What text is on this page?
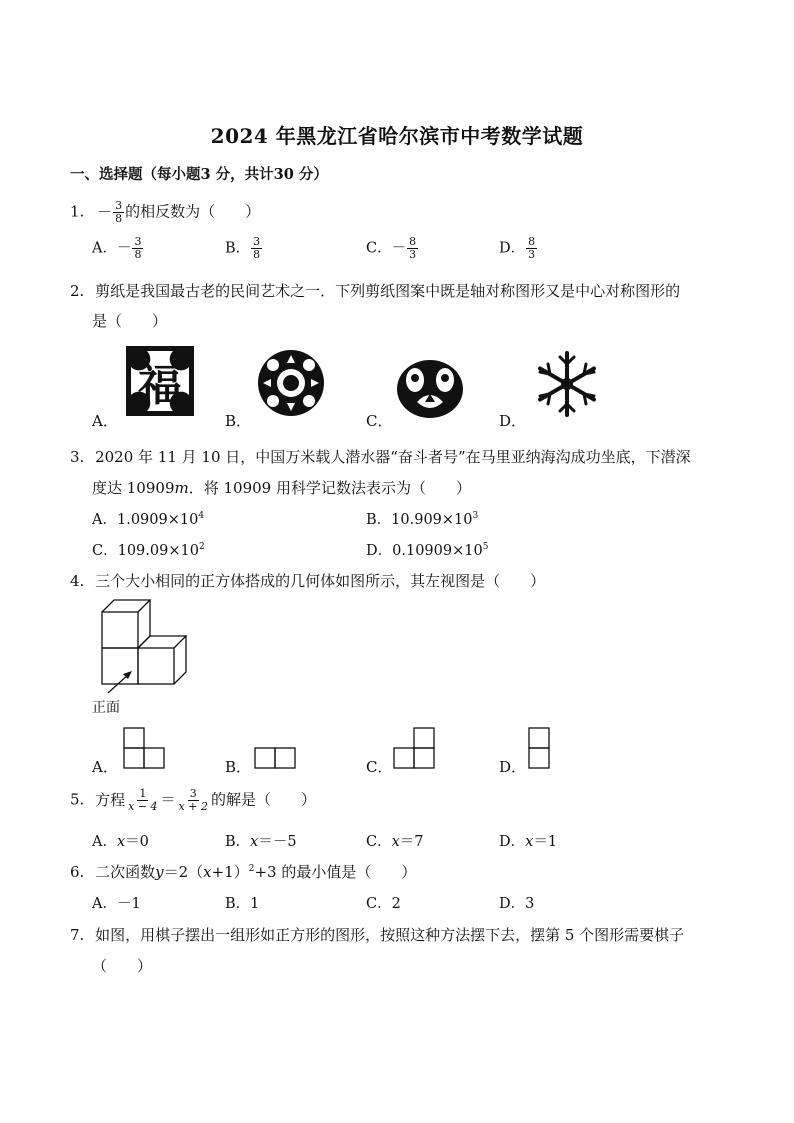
2024 年黑龙江省哈尔滨市中考数学试题
一、选择题（每小题3 分，共计30 分）
1. － $\frac{3}{8}$ 的相反数为（　　）
A．－ $\frac{3}{8}$	B． $\frac{3}{8}$	C．－ $\frac{8}{3}$	D． $\frac{8}{3}$
2. 剪纸是我国最古老的民间艺术之一．下列剪纸图案中既是轴对称图形又是中心对称图形的
是（　　）
福
A．	B．	C．	D．
3. 2020 年 11 月 10 日，中国万米载人潜水器“奋斗者号”在马里亚纳海沟成功坐底，下潜深
度达 10909m．将 10909 用科学记数法表示为（　　）
A．$1.0909\times 10^4$	B．$10.909\times 10^3$
C．$109.09\times 10^2$	D．$0.10909\times 10^5$
4. 三个大小相同的正方体搭成的几何体如图所示，其左视图是（　　）
正面
A．	B．	C．	D．
5. 方程 $\frac{1}{x - 4} = \frac{3}{x + 2}$ 的解是（　　）
A．x＝0	B．x＝－5	C．x＝7	D．x＝1
6. 二次函数$y=2(x+1)^2+3$ 的最小值是（　　）
A．－1	B．1	C．2	D．3
7. 如图，用棋子摆出一组形如正方形的图形，按照这种方法摆下去，摆第 5 个图形需要棋子
（　　）
